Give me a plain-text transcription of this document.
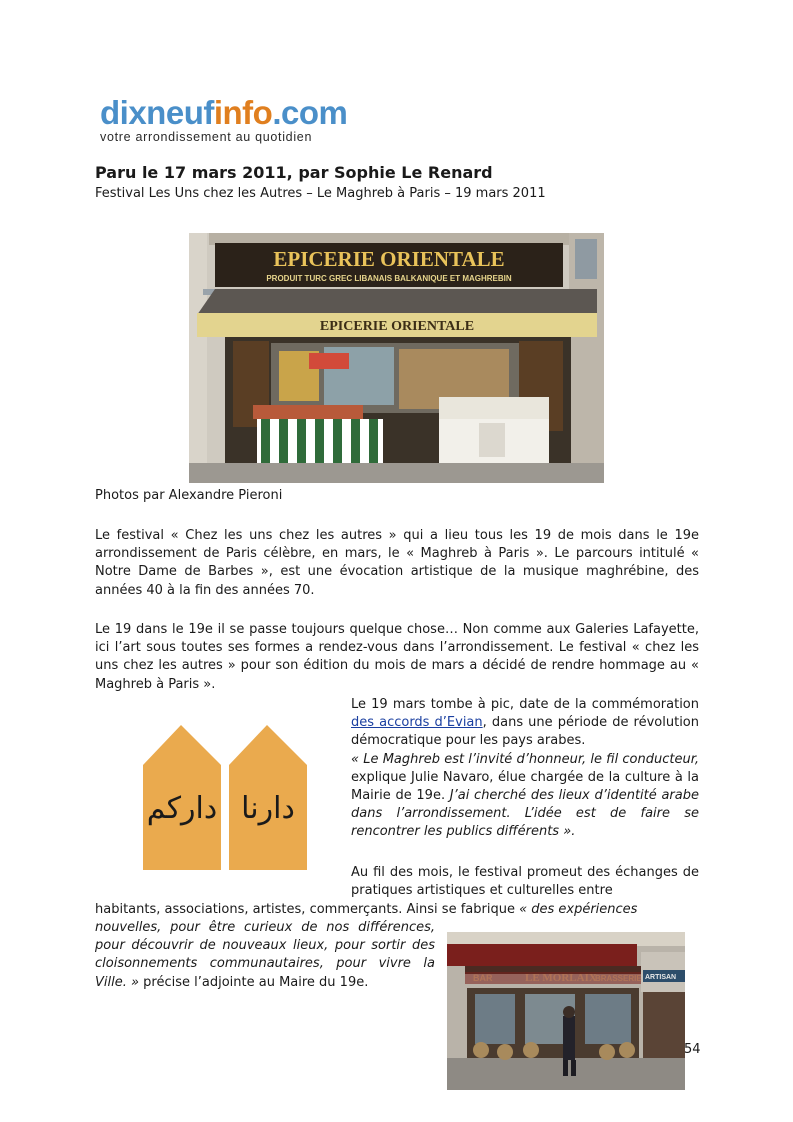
dixneufinfo.com
votre arrondissement au quotidien
Paru le 17 mars 2011, par Sophie Le Renard
Festival Les Uns chez les Autres – Le Maghreb à Paris – 19 mars 2011
EPICERIE ORIENTALE
PRODUIT TURC GREC LIBANAIS BALKANIQUE ET MAGHREBIN
EPICERIE ORIENTALE
Photos par Alexandre Pieroni
Le festival « Chez les uns chez les autres » qui a lieu tous les 19 de mois dans le 19e arrondissement de Paris célèbre, en mars, le « Maghreb à Paris ». Le parcours intitulé « Notre Dame de Barbes », est une évocation artistique de la musique maghrébine, des années 40 à la fin des années 70.
Le 19 dans le 19e il se passe toujours quelque chose… Non comme aux Galeries Lafayette, ici l’art sous toutes ses formes a rendez-vous dans l’arrondissement. Le festival « chez les uns chez les autres » pour son édition du mois de mars a décidé de rendre hommage au « Maghreb à Paris ».
Le 19 mars tombe à pic, date de la commémoration des accords d’Evian, dans une période de révolution démocratique pour les pays arabes.
« Le Maghreb est l’invité d’honneur, le fil conducteur, explique Julie Navaro, élue chargée de la culture à la Mairie de 19e. J’ai cherché des lieux d’identité arabe dans l’arrondissement. L’idée est de faire se rencontrer les publics différents ».
داركم دارنا
Au fil des mois, le festival promeut des échanges de pratiques artistiques et culturelles entre
habitants, associations, artistes, commerçants. Ainsi se fabrique « des expériences
nouvelles, pour être curieux de nos différences, pour découvrir de nouveaux lieux, pour sortir des cloisonnements communautaires, pour vivre la Ville. » précise l’adjointe au Maire du 19e.	ARTISAN
54
